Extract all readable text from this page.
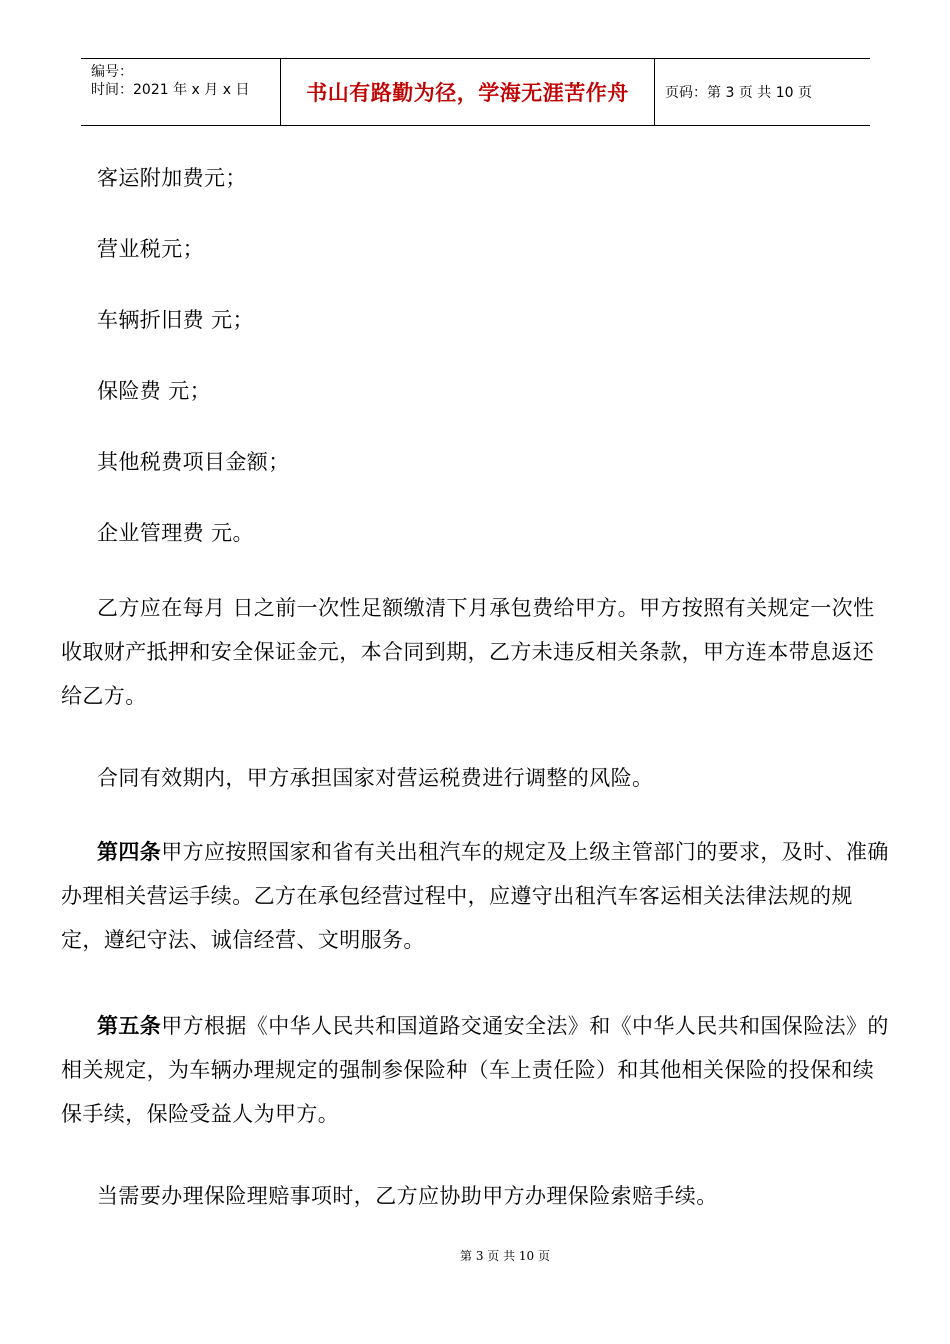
编号：
时间：2021 年 x 月 x 日	书山有路勤为径，学海无涯苦作舟	页码：第 3 页 共 10 页

客运附加费元；

营业税元；

车辆折旧费 元；

保险费 元；

其他税费项目金额；

企业管理费 元。

乙方应在每月 日之前一次性足额缴清下月承包费给甲方。甲方按照有关规定一次性收取财产抵押和安全保证金元，本合同到期，乙方未违反相关条款，甲方连本带息返还给乙方。

合同有效期内，甲方承担国家对营运税费进行调整的风险。

第四条甲方应按照国家和省有关出租汽车的规定及上级主管部门的要求，及时、准确办理相关营运手续。乙方在承包经营过程中，应遵守出租汽车客运相关法律法规的规定，遵纪守法、诚信经营、文明服务。

第五条甲方根据《中华人民共和国道路交通安全法》和《中华人民共和国保险法》的相关规定，为车辆办理规定的强制参保险种（车上责任险）和其他相关保险的投保和续保手续，保险受益人为甲方。

当需要办理保险理赔事项时，乙方应协助甲方办理保险索赔手续。

第 3 页 共 10 页
